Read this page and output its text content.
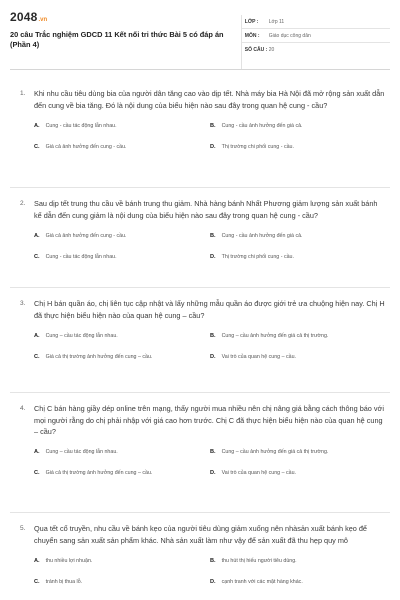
2048 .vn
20 câu Trắc nghiệm GDCD 11 Kết nối tri thức Bài 5 có đáp án (Phần 4)
LỚP :	Lớp 11
MÔN :	Giáo dục công dân
SỐ CÂU : 20
1.	Khi nhu cầu tiêu dùng bia của người dân tăng cao vào dịp tết. Nhà máy bia Hà Nội đã mở rộng sản xuất dẫn đến cung về bia tăng. Đó là nội dung của biểu hiện nào sau đây trong quan hệ cung - cầu?
A. Cung - cầu tác động lẫn nhau.	B. Cung - cầu ảnh hưởng đến giá cả.
C. Giá cả ảnh hưởng đến cung - cầu.	D. Thị trường chi phối cung - cầu.
2.	Sau dịp tết trung thu cầu về bánh trung thu giảm. Nhà hàng bánh Nhất Phương giảm lượng sản xuất bánh kể dẫn đến cung giảm là nội dung của biểu hiện nào sau đây trong quan hệ cung - cầu?
A. Giá cả ảnh hưởng đến cung - cầu.	B. Cung - cầu ảnh hưởng đến giá cả.
C. Cung - cầu tác động lẫn nhau.	D. Thị trường chi phối cung - cầu.
3.	Chị H bán quần áo, chị liên tục cập nhật và lấy những mẫu quần áo được giới trẻ ưa chuộng hiện nay. Chị H đã thực hiện biểu hiện nào của quan hệ cung – cầu?
A. Cung – cầu tác động lẫn nhau.	B. Cung – cầu ảnh hưởng đến giá cả thị trường.
C. Giá cả thị trường ảnh hưởng đến cung – cầu.	D. Vai trò của quan hệ cung – cầu.
4.	Chị C bán hàng giầy dép online trên mạng, thấy người mua nhiều nên chị nâng giá bằng cách thông báo với mọi người rằng do chị phải nhập với giá cao hơn trước. Chị C đã thực hiện biểu hiện nào của quan hệ cung – cầu?
A. Cung – cầu tác động lẫn nhau.	B. Cung – cầu ảnh hưởng đến giá cả thị trường.
C. Giá cả thị trường ảnh hưởng đến cung – cầu.	D. Vai trò của quan hệ cung – cầu.
5.	Qua tết cổ truyền, nhu cầu về bánh kẹo của người tiêu dùng giảm xuống nên nhàsản xuất bánh kẹo để chuyển sang sản xuất sản phẩm khác. Nhà sản xuất làm như vậy để sản xuất đã thu hẹp quy mô
A. thu nhiều lợi nhuận.	B. thu hút thị hiếu người tiêu dùng.
C. tránh bị thua lỗ.	D. cạnh tranh với các mặt hàng khác.
